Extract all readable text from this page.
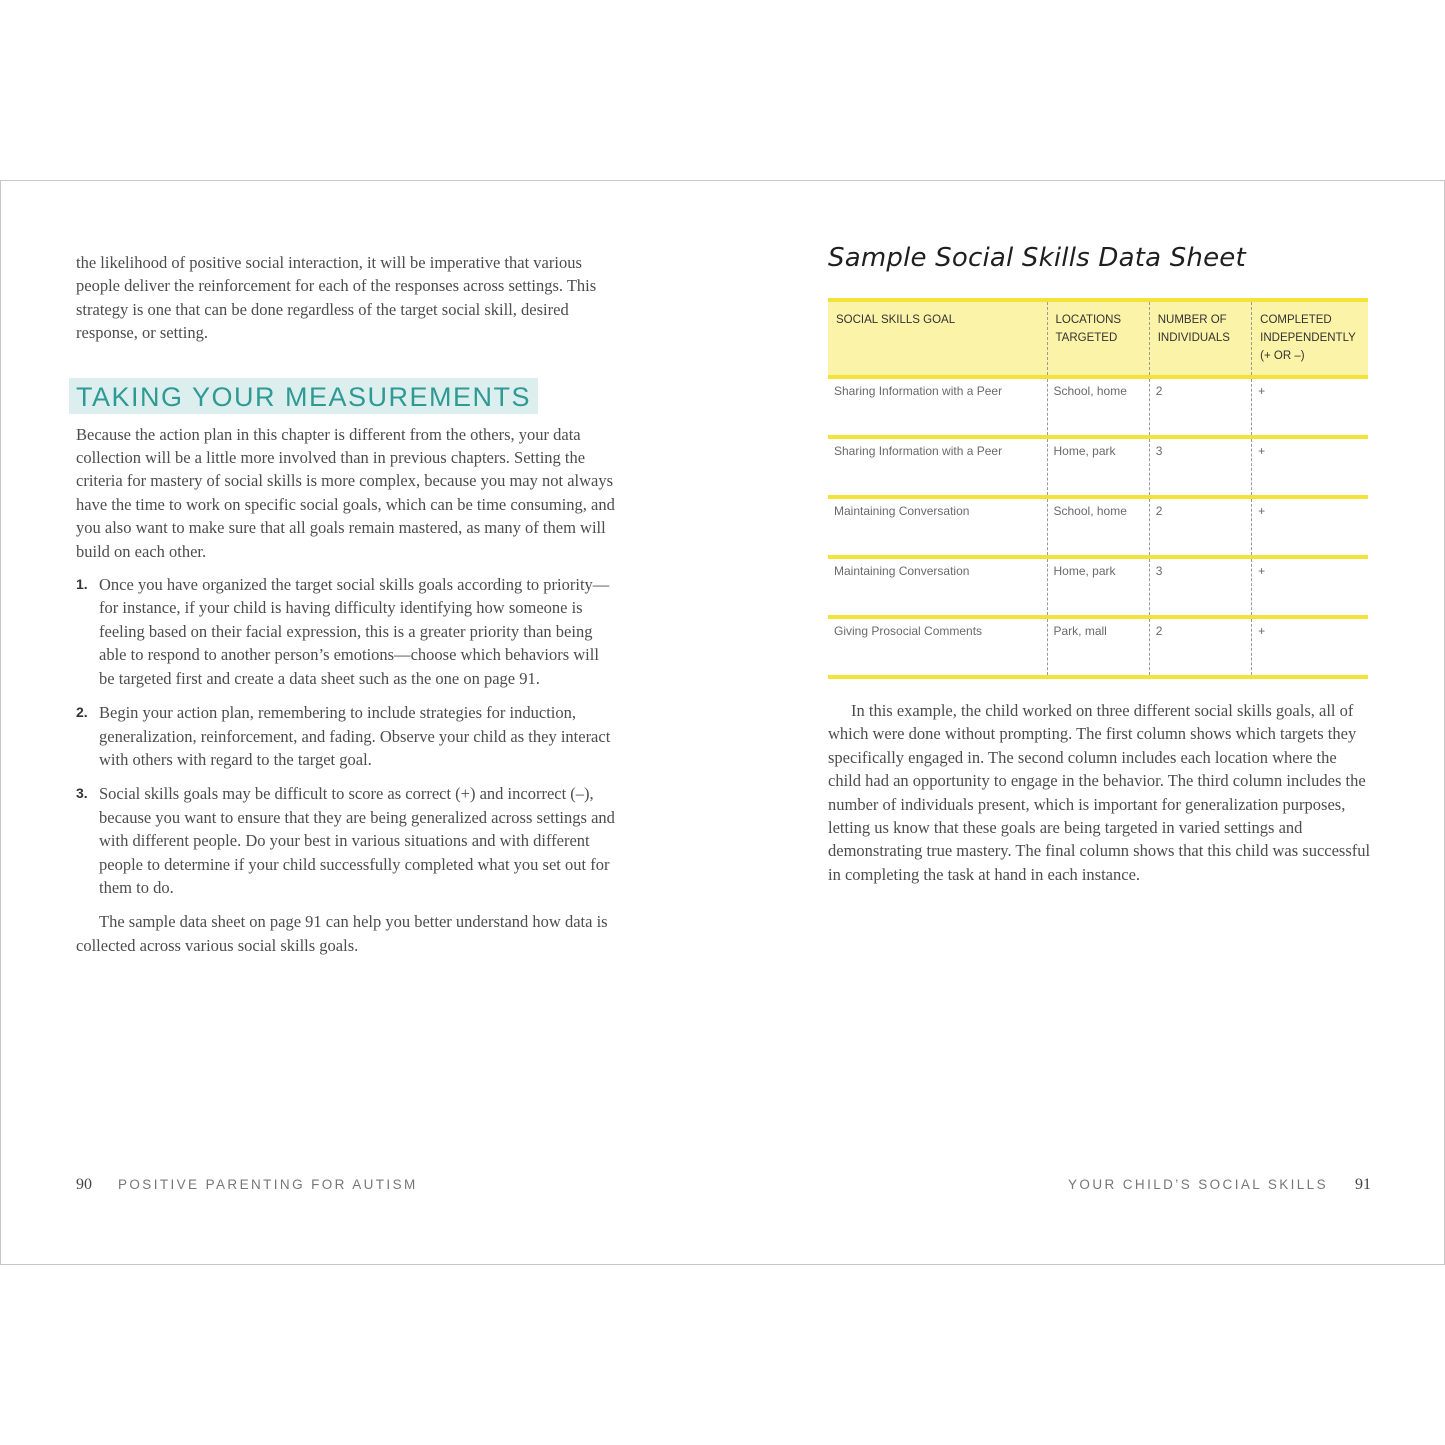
the likelihood of positive social interaction, it will be imperative that various people deliver the reinforcement for each of the responses across settings. This strategy is one that can be done regardless of the target social skill, desired response, or setting.

TAKING YOUR MEASUREMENTS

Because the action plan in this chapter is different from the others, your data collection will be a little more involved than in previous chapters. Setting the criteria for mastery of social skills is more complex, because you may not always have the time to work on specific social goals, which can be time consuming, and you also want to make sure that all goals remain mastered, as many of them will build on each other.

1. Once you have organized the target social skills goals according to priority—for instance, if your child is having difficulty identifying how someone is feeling based on their facial expression, this is a greater priority than being able to respond to another person’s emotions—choose which behaviors will be targeted first and create a data sheet such as the one on page 91.
2. Begin your action plan, remembering to include strategies for induction, generalization, reinforcement, and fading. Observe your child as they interact with others with regard to the target goal.
3. Social skills goals may be difficult to score as correct (+) and incorrect (–), because you want to ensure that they are being generalized across settings and with different people. Do your best in various situations and with different people to determine if your child successfully completed what you set out for them to do.

The sample data sheet on page 91 can help you better understand how data is collected across various social skills goals.

90 POSITIVE PARENTING FOR AUTISM
Sample Social Skills Data Sheet
SOCIAL SKILLS GOAL	LOCATIONS TARGETED	NUMBER OF INDIVIDUALS	COMPLETED INDEPENDENTLY (+ OR –)
Sharing Information with a Peer	School, home	2	+
Sharing Information with a Peer	Home, park	3	+
Maintaining Conversation	School, home	2	+
Maintaining Conversation	Home, park	3	+
Giving Prosocial Comments	Park, mall	2	+

In this example, the child worked on three different social skills goals, all of which were done without prompting. The first column shows which targets they specifically engaged in. The second column includes each location where the child had an opportunity to engage in the behavior. The third column includes the number of individuals present, which is important for generalization purposes, letting us know that these goals are being targeted in varied settings and demonstrating true mastery. The final column shows that this child was successful in completing the task at hand in each instance.

YOUR CHILD’S SOCIAL SKILLS 91
